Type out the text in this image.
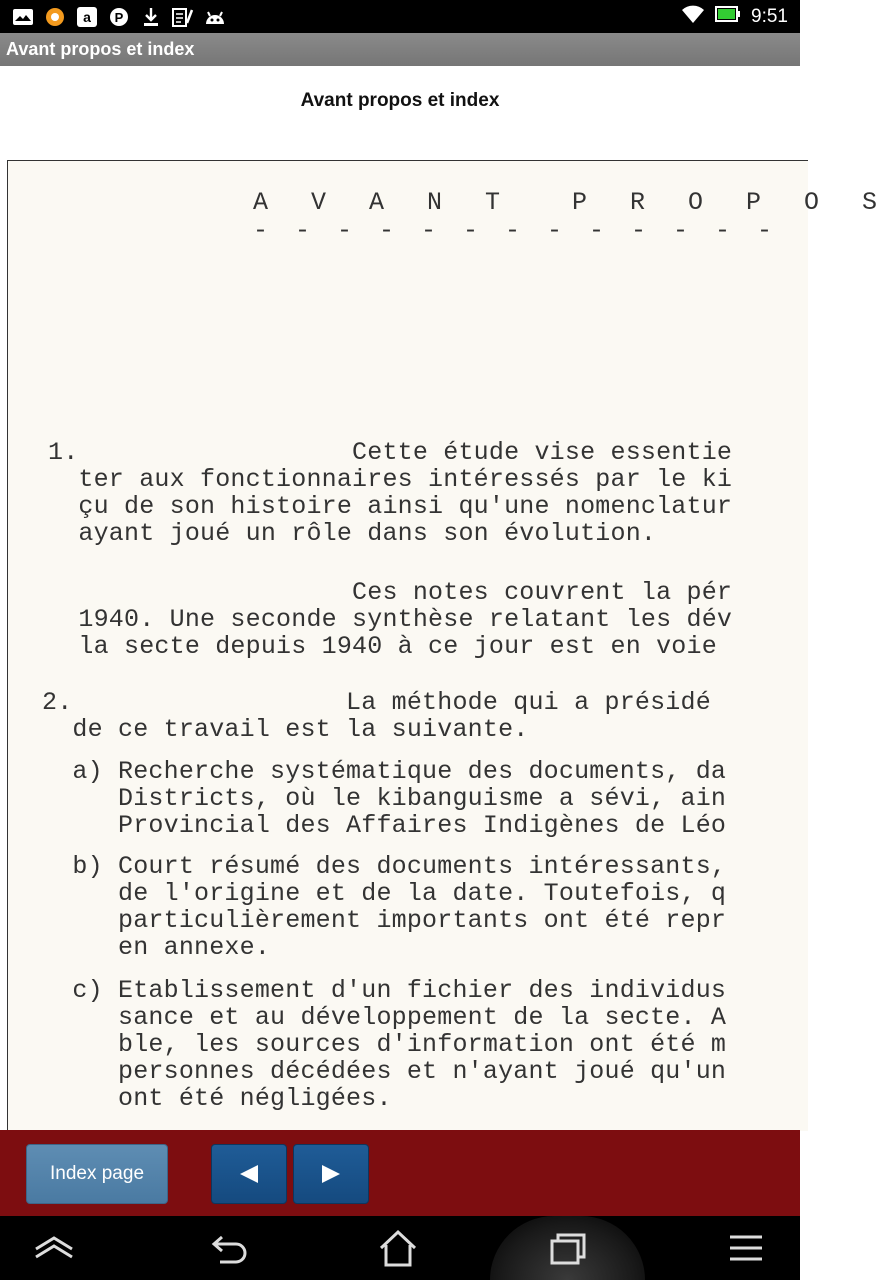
a P	9:51
Avant propos et index
Avant propos et index
A V A N T  P R O P O S
- - - - - - - - - - - - -
1.                  Cette étude vise essentie
ter aux fonctionnaires intéressés par le ki
çu de son histoire ainsi qu'une nomenclatur
ayant joué un rôle dans son évolution.
Ces notes couvrent la pér
1940. Une seconde synthèse relatant les dév
la secte depuis 1940 à ce jour est en voie
2.                  La méthode qui a présidé
de ce travail est la suivante.
a) Recherche systématique des documents, da
Districts, où le kibanguisme a sévi, ain
Provincial des Affaires Indigènes de Léo
b) Court résumé des documents intéressants,
de l'origine et de la date. Toutefois, q
particulièrement importants ont été repr
en annexe.
c) Etablissement d'un fichier des individus
sance et au développement de la secte. A
ble, les sources d'information ont été m
personnes décédées et n'ayant joué qu'un
ont été négligées.
Index page
